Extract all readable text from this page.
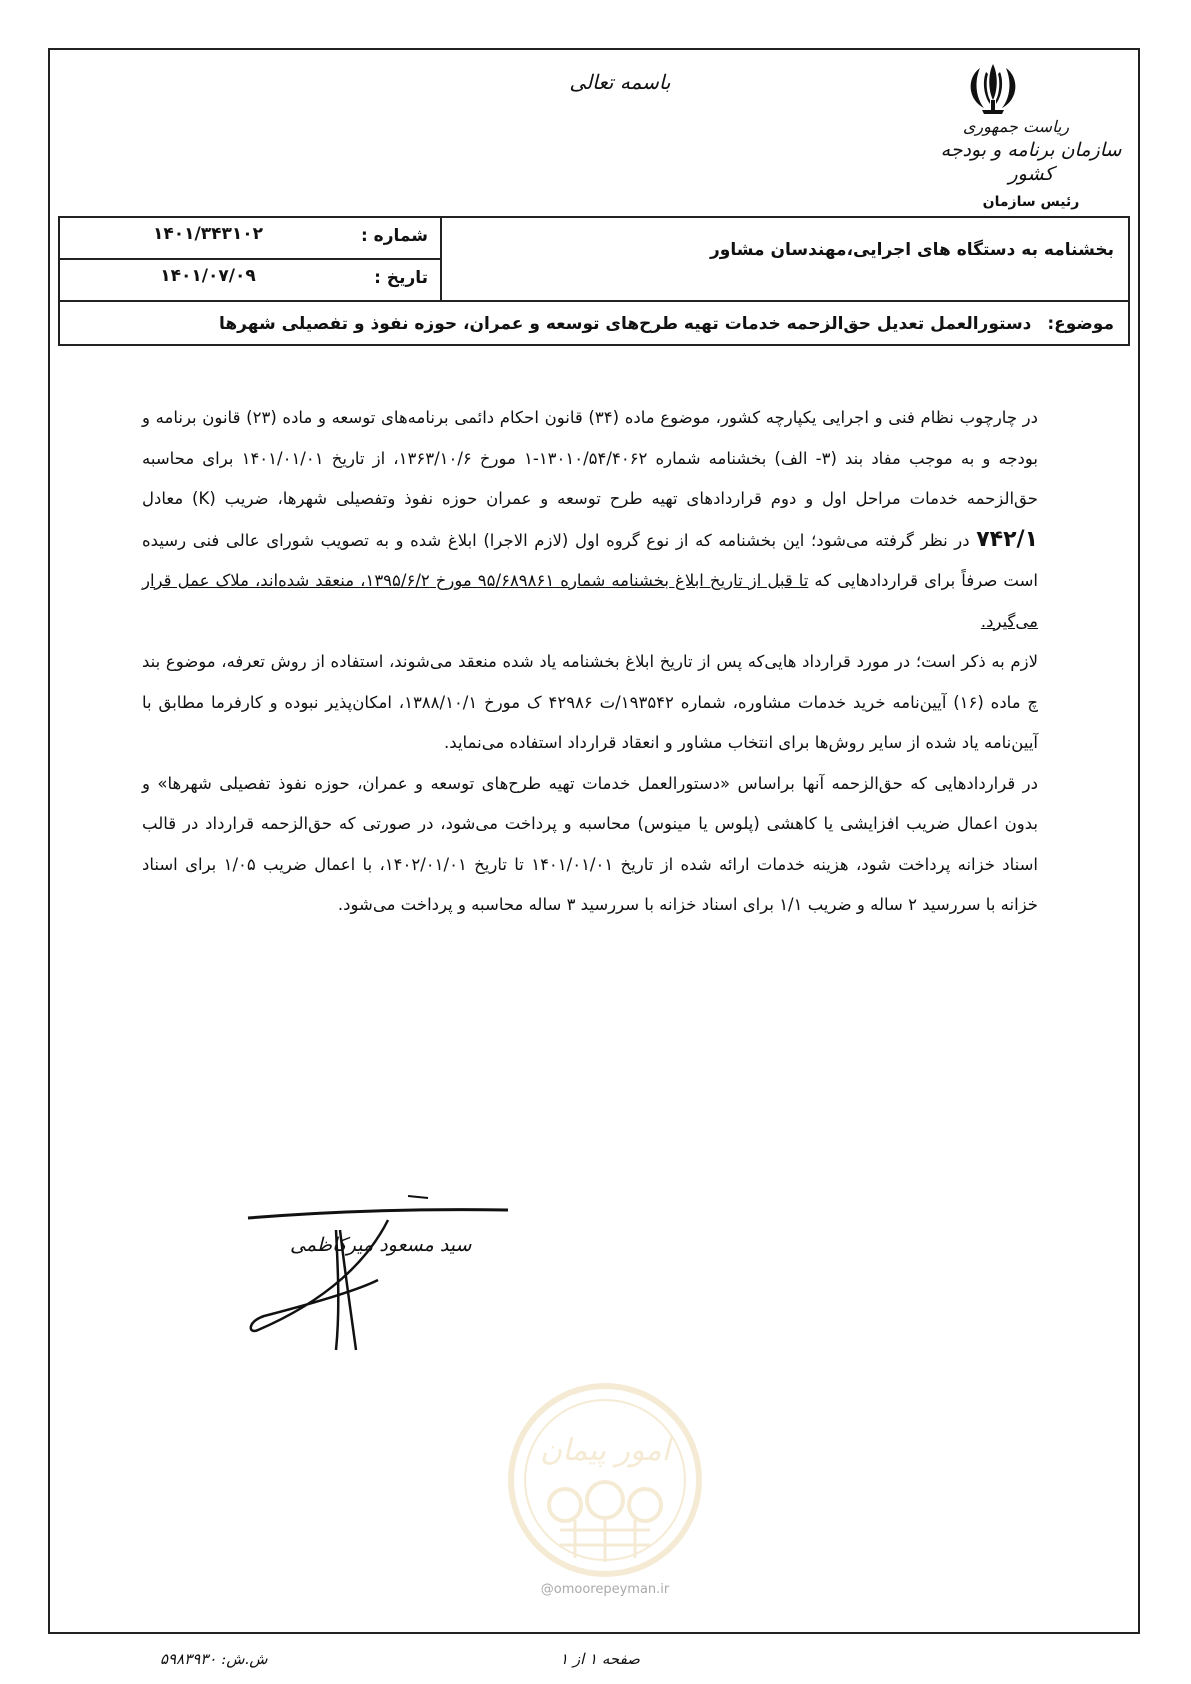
باسمه تعالی
ریاست جمهوری
سازمان برنامه و بودجه کشور
رئیس سازمان
بخشنامه به دستگاه های اجرایی،مهندسان مشاور
شماره :
۱۴۰۱/۳۴۳۱۰۲
تاریخ :
۱۴۰۱/۰۷/۰۹
موضوع: دستورالعمل تعدیل حق‌الزحمه خدمات تهیه طرح‌های توسعه و عمران، حوزه نفوذ و تفصیلی شهرها

در چارچوب نظام فنی و اجرایی یکپارچه کشور، موضوع ماده (۳۴) قانون احکام دائمی برنامه‌های توسعه و ماده (۲۳) قانون برنامه و بودجه و به موجب مفاد بند (۳- الف) بخشنامه شماره ۱۳۰۱۰/۵۴/۴۰۶۲-۱ مورخ ۱۳۶۳/۱۰/۶، از تاریخ ۱۴۰۱/۰۱/۰۱ برای محاسبه حق‌الزحمه خدمات مراحل اول و دوم قراردادهای تهیه طرح توسعه و عمران حوزه نفوذ وتفصیلی شهرها، ضریب (K) معادل ۷۴۲/۱ در نظر گرفته می‌شود؛ این بخشنامه که از نوع گروه اول (لازم الاجرا) ابلاغ شده و به تصویب شورای عالی فنی رسیده است صرفاً برای قراردادهایی که تا قبل از تاریخ ابلاغ بخشنامه شماره ۹۵/۶۸۹۸۶۱ مورخ ۱۳۹۵/۶/۲، منعقد شده‌اند، ملاک عمل قرار می‌گیرد.

لازم به ذکر است؛ در مورد قرارداد هایی‌که پس از تاریخ ابلاغ بخشنامه یاد شده منعقد می‌شوند، استفاده از روش تعرفه، موضوع بند چ ماده (۱۶) آیین‌نامه خرید خدمات مشاوره، شماره ۱۹۳۵۴۲/ت ۴۲۹۸۶ ک مورخ ۱۳۸۸/۱۰/۱، امکان‌پذیر نبوده و کارفرما مطابق با آیین‌نامه یاد شده از سایر روش‌ها برای انتخاب مشاور و انعقاد قرارداد استفاده می‌نماید.

در قراردادهایی که حق‌الزحمه آنها براساس «دستورالعمل خدمات تهیه طرح‌های توسعه و عمران، حوزه نفوذ تفصیلی شهرها» و بدون اعمال ضریب افزایشی یا کاهشی (پلوس یا مینوس) محاسبه و پرداخت می‌شود، در صورتی که حق‌الزحمه قرارداد در قالب اسناد خزانه پرداخت شود، هزینه خدمات ارائه شده از تاریخ ۱۴۰۱/۰۱/۰۱ تا تاریخ ۱۴۰۲/۰۱/۰۱، با اعمال ضریب ۱/۰۵ برای اسناد خزانه با سررسید ۲ ساله و ضریب ۱/۱ برای اسناد خزانه با سررسید ۳ ساله محاسبه و پرداخت می‌شود.

سید مسعود میرکاظمی
امور پیمان
@omoorepeyman.ir
صفحه ۱ از ۱
ش.ش: ۵۹۸۳۹۳۰
